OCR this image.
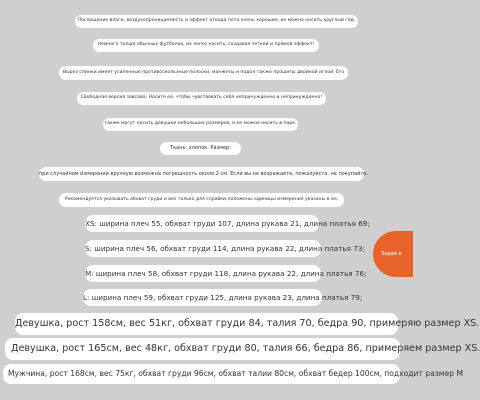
Поглощение влаги, воздухопроницаемость и эффект отвода пота очень хорошие, их можно носить круглый год.
Немного толще обычных футболок, их легко носить, создавая четкий и прямой эффект!
Вырез спинки имеет усиленные противоскользные полоски, манжеты и подол также прошиты двойной иглой. Его
Свободная версия завсайа. Носите ее, чтобы чувствовать себя непринужденно и непринужденно!
также могут носить девушки небольших размеров, и ее можно носить в паре.
Ткань: хлопок. Размер:
при случайном измерении вручную возможна погрешность около 2 см. Если вы не возражаете, пожалуйста, не покупайте.
Рекомендуется указывать обхват груди и вес только для справки,положены единицы измерения указаны в см.
XS: ширина плеч 55, обхват груди 107, длина рукава 21, длина платья 69;
S: ширина плеч 56, обхват груди 114, длина рукава 22, длина платья 73;
M: ширина плеч 58, обхват груди 118, длина рукава 22, длина платья 76;
L: ширина плеч 59, обхват груди 125, длина рукава 23, длина платья 79;
Девушка, рост 158см, вес 51кг, обхват груди 84, талия 70, бедра 90, примеряю размер XS.
Девушка, рост 165см, вес 48кг, обхват груди 80, талия 66, бедра 86, примеряем размер XS.
Мужчина, рост 168см, вес 75кг, обхват груди 96см, обхват талии 80см, обхват бедер 100см, подходит размер M
Задай в
